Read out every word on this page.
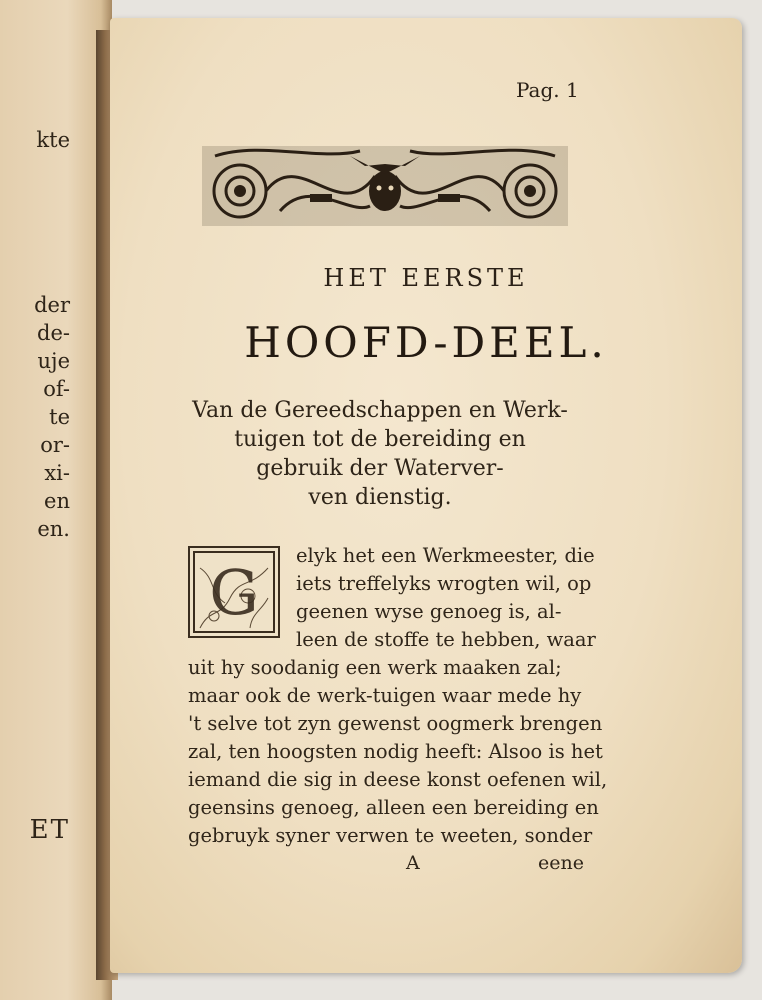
kte
der
de-
uje
of-
te
or-
xi-
en
en.
ET
Pag. 1
HET EERSTE
HOOFD-DEEL.
Van de Gereedschappen en Werk-
tuigen tot de bereiding en
gebruik der Waterver-
ven dienstig.
G
elyk het een Werkmeester, die
iets treffelyks wrogten wil, op
geenen wyse genoeg is, al-
leen de stoffe te hebben, waar
uit hy soodanig een werk maaken zal;
maar ook de werk-tuigen waar mede hy
't selve tot zyn gewenst oogmerk brengen
zal, ten hoogsten nodig heeft: Alsoo is het
iemand die sig in deese konst oefenen wil,
geensins genoeg, alleen een bereiding en
gebruyk syner verwen te weeten, sonder
A	eene
